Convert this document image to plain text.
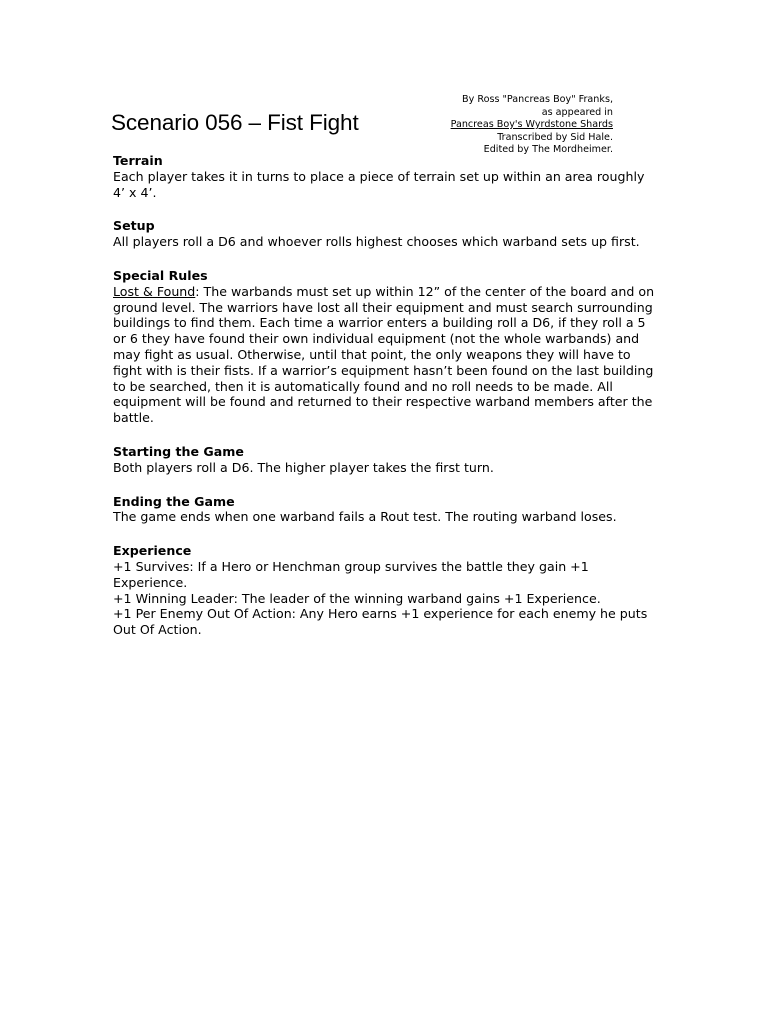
Scenario 056 – Fist Fight
By Ross "Pancreas Boy" Franks,
as appeared in
Pancreas Boy's Wyrdstone Shards
Transcribed by Sid Hale.
Edited by The Mordheimer.
Terrain

Each player takes it in turns to place a piece of terrain set up within an area roughly 4’ x 4’.

Setup

All players roll a D6 and whoever rolls highest chooses which warband sets up first.

Special Rules

Lost & Found: The warbands must set up within 12” of the center of the board and on ground level. The warriors have lost all their equipment and must search surrounding buildings to find them. Each time a warrior enters a building roll a D6, if they roll a 5 or 6 they have found their own individual equipment (not the whole warbands) and may fight as usual. Otherwise, until that point, the only weapons they will have to fight with is their fists. If a warrior’s equipment hasn’t been found on the last building to be searched, then it is automatically found and no roll needs to be made. All equipment will be found and returned to their respective warband members after the battle.

Starting the Game

Both players roll a D6. The higher player takes the first turn.

Ending the Game

The game ends when one warband fails a Rout test. The routing warband loses.

Experience

+1 Survives: If a Hero or Henchman group survives the battle they gain +1 Experience.

+1 Winning Leader: The leader of the winning warband gains +1 Experience.

+1 Per Enemy Out Of Action: Any Hero earns +1 experience for each enemy he puts Out Of Action.
